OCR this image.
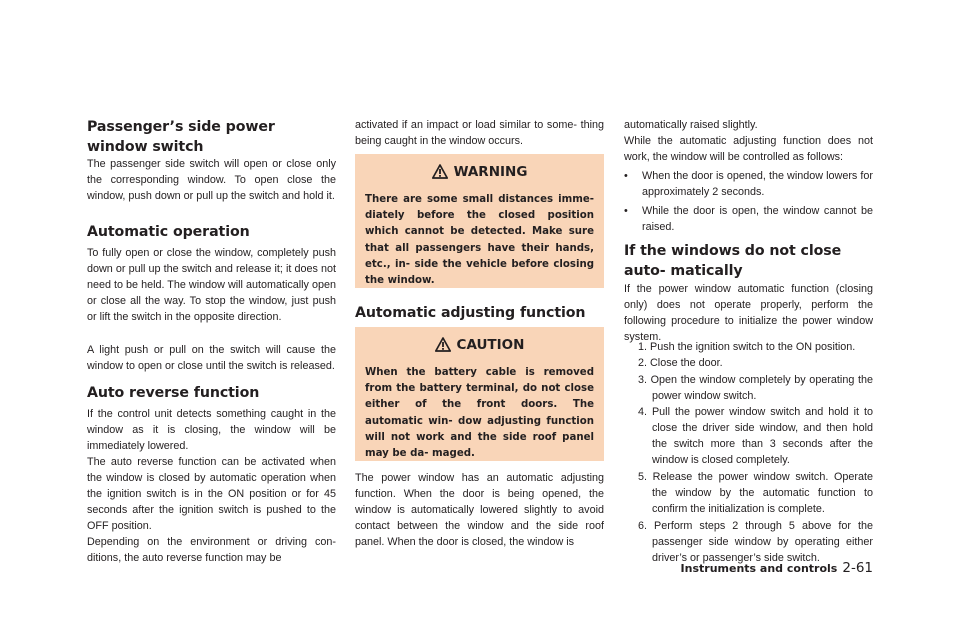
Passenger’s side power window switch

The passenger side switch will open or close only the corresponding window. To open close the window, push down or pull up the switch and hold it.

Automatic operation

To fully open or close the window, completely push down or pull up the switch and release it; it does not need to be held. The window will automatically open or close all the way. To stop the window, just push or lift the switch in the opposite direction.

A light push or pull on the switch will cause the window to open or close until the switch is released.

Auto reverse function

If the control unit detects something caught in the window as it is closing, the window will be immediately lowered.

The auto reverse function can be activated when the window is closed by automatic operation when the ignition switch is in the ON position or for 45 seconds after the ignition switch is pushed to the OFF position.

Depending on the environment or driving con- ditions, the auto reverse function may be

activated if an impact or load similar to some- thing being caught in the window occurs.

WARNING
There are some small distances imme- diately before the closed position which cannot be detected. Make sure that all passengers have their hands, etc., in- side the vehicle before closing the window.
Automatic adjusting function
CAUTION
When the battery cable is removed from the battery terminal, do not close either of the front doors. The automatic win- dow adjusting function will not work and the side roof panel may be da- maged.

The power window has an automatic adjusting function. When the door is being opened, the window is automatically lowered slightly to avoid contact between the window and the side roof panel. When the door is closed, the window is

automatically raised slightly.

While the automatic adjusting function does not work, the window will be controlled as follows:

•	When the door is opened, the window lowers for approximately 2 seconds.
•	While the door is open, the window cannot be raised.
If the windows do not close auto- matically

If the power window automatic function (closing only) does not operate properly, perform the following procedure to initialize the power window system.

1. Push the ignition switch to the ON position.
2. Close the door.
3. Open the window completely by operating the power window switch.
4. Pull the power window switch and hold it to close the driver side window, and then hold the switch more than 3 seconds after the window is closed completely.
5. Release the power window switch. Operate the window by the automatic function to confirm the initialization is complete.
6. Perform steps 2 through 5 above for the passenger side window by operating either driver’s or passenger’s side switch.
Instruments and controls 2-61
